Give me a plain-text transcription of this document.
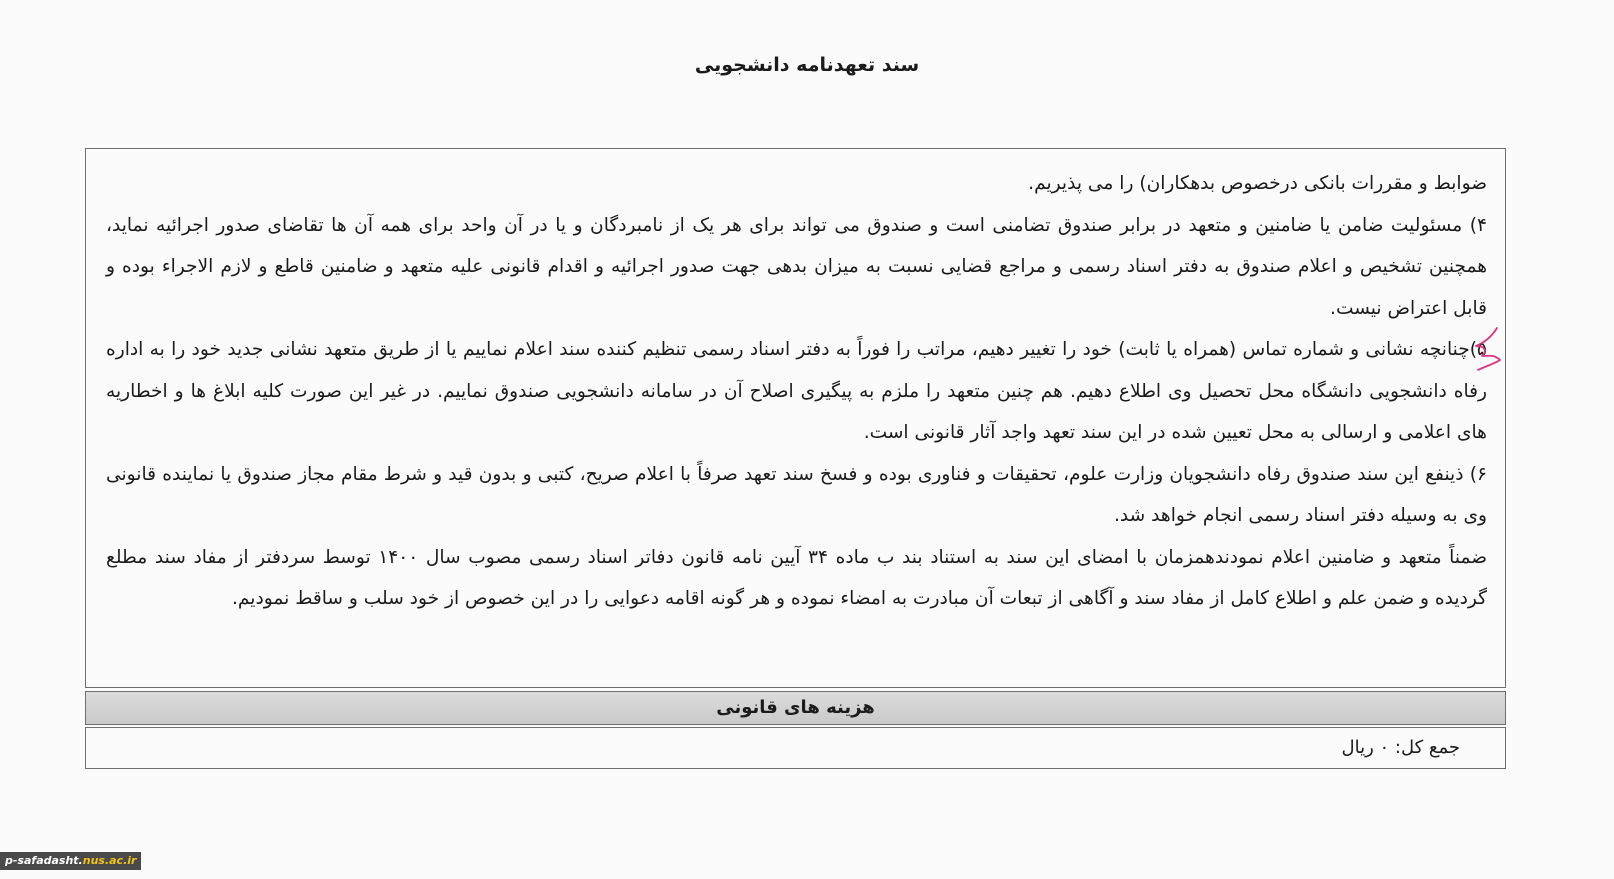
سند تعهدنامه دانشجویی

ضوابط و مقررات بانکی درخصوص بدهکاران) را می پذیریم.

۴) مسئولیت ضامن یا ضامنین و متعهد در برابر صندوق تضامنی است و صندوق می تواند برای هر یک از نامبردگان و یا در آن واحد برای همه آن ها تقاضای صدور اجرائیه نماید، همچنین تشخیص و اعلام صندوق به دفتر اسناد رسمی و مراجع قضایی نسبت به میزان بدهی جهت صدور اجرائیه و اقدام قانونی علیه متعهد و ضامنین قاطع و لازم الاجراء بوده و قابل اعتراض نیست.

۵)چنانچه نشانی و شماره تماس (همراه یا ثابت) خود را تغییر دهیم، مراتب را فوراً به دفتر اسناد رسمی تنظیم کننده سند اعلام نماییم یا از طریق متعهد نشانی جدید خود را به اداره رفاه دانشجویی دانشگاه محل تحصیل وی اطلاع دهیم. هم چنین متعهد را ملزم به پیگیری اصلاح آن در سامانه دانشجویی صندوق نماییم. در غیر این صورت کلیه ابلاغ ها و اخطاریه های اعلامی و ارسالی به محل تعیین شده در این سند تعهد واجد آثار قانونی است.

۶) ذینفع این سند صندوق رفاه دانشجویان وزارت علوم، تحقیقات و فناوری بوده و فسخ سند تعهد صرفاً با اعلام صریح، کتبی و بدون قید و شرط مقام مجاز صندوق یا نماینده قانونی وی به وسیله دفتر اسناد رسمی انجام خواهد شد.

ضمناً متعهد و ضامنین اعلام نمودندهمزمان با امضای این سند به استناد بند ب ماده ۳۴ آیین نامه قانون دفاتر اسناد رسمی مصوب سال ۱۴۰۰ توسط سردفتر از مفاد سند مطلع گردیده و ضمن علم و اطلاع کامل از مفاد سند و آگاهی از تبعات آن مبادرت به امضاء نموده و هر گونه اقامه دعوایی را در این خصوص از خود سلب و ساقط نمودیم.

هزینه های قانونی
جمع کل: ۰ ریال
p-safadasht.nus.ac.ir
